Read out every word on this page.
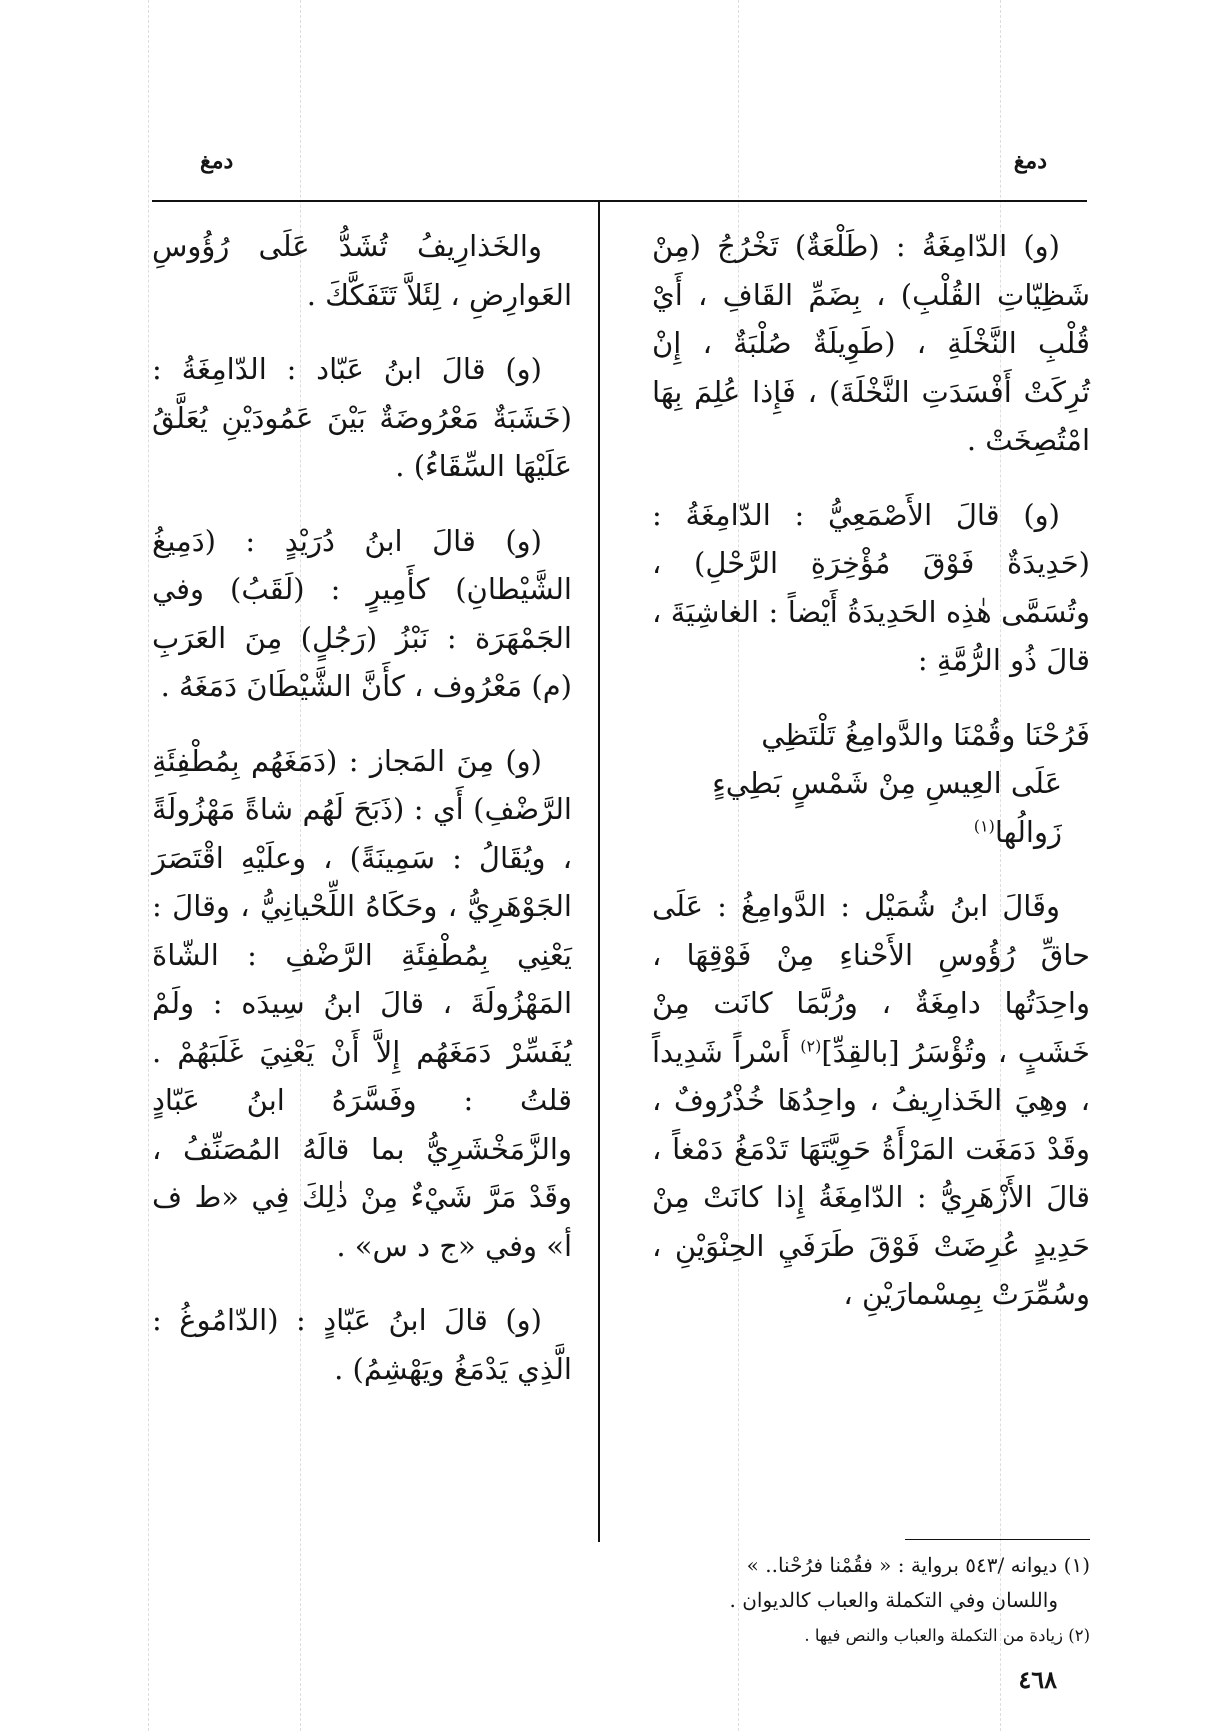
دمغ
دمغ

(و) الدّامِغَةُ : (طَلْعَةٌ) تَخْرُجُ (مِنْ شَظِيّاتِ القُلْبِ) ، بِضَمِّ القَافِ ، أَيْ قُلْبِ النَّخْلَةِ ، (طَوِيلَةٌ صُلْبَةٌ ، إِنْ تُرِكَتْ أَفْسَدَتِ النَّخْلَةَ) ، فَإِذا عُلِمَ بِهَا امْتُصِخَتْ .

(و) قالَ الأَصْمَعِيُّ : الدّامِغَةُ : (حَدِيدَةٌ فَوْقَ مُؤْخِرَةِ الرَّحْلِ) ، وتُسَمَّى هٰذِه الحَدِيدَةُ أَيْضاً : الغاشِيَةَ ، قالَ ذُو الرُّمَّةِ :

فَرُحْنَا وقُمْنَا والدَّوامِغُ تَلْتَظِي
عَلَى العِيسِ مِنْ شَمْسٍ بَطِيءٍ زَوالُها$^{(١)}$

وقَالَ ابنُ شُمَيْل : الدَّوامِغُ : عَلَى حاقِّ رُؤُوسِ الأَحْناءِ مِنْ فَوْقِهَا ، واحِدَتُها دامِغَةٌ ، ورُبَّمَا كانَت مِنْ خَشَبٍ ، وتُؤْسَرُ [بالقِدِّ]$^{(٢)}$ أَسْراً شَدِيداً ، وهِيَ الخَذارِيفُ ، واحِدُهَا خُذْرُوفٌ ، وقَدْ دَمَغَت المَرْأَةُ حَوِيَّتَهَا تَدْمَغُ دَمْغاً ، قالَ الأَزْهَرِيُّ : الدّامِغَةُ إِذا كانَتْ مِنْ حَدِيدٍ عُرِضَتْ فَوْقَ طَرَفَيِ الحِنْوَيْنِ ، وسُمِّرَتْ بِمِسْمارَيْنِ ،

والخَذارِيفُ تُشَدُّ عَلَى رُؤُوسِ العَوارِضِ ، لِئَلاَّ تَتَفَكَّكَ .

(و) قالَ ابنُ عَبّاد : الدّامِغَةُ : (خَشَبَةٌ مَعْرُوضَةٌ بَيْنَ عَمُودَيْنِ يُعَلَّقُ عَلَيْهَا السِّقَاءُ) .

(و) قالَ ابنُ دُرَيْدٍ : (دَمِيغُ الشَّيْطانِ) كأَمِيرٍ : (لَقَبُ) وفي الجَمْهَرَة : نَبْزُ (رَجُلٍ) مِنَ العَرَبِ (م) مَعْرُوف ، كأَنَّ الشَّيْطَانَ دَمَغَهُ .

(و) مِنَ المَجاز : (دَمَغَهُم بِمُطْفِئَةِ الرَّضْفِ) أَي : (ذَبَحَ لَهُم شاةً مَهْزُولَةً ، ويُقَالُ : سَمِينَةً) ، وعلَيْهِ اقْتَصَرَ الجَوْهَرِيُّ ، وحَكَاهُ اللِّحْيانِيُّ ، وقالَ : يَعْنِي بِمُطْفِئَةِ الرَّضْفِ : الشّاةَ المَهْزُولَةَ ، قالَ ابنُ سِيدَه : ولَمْ يُفَسِّرْ دَمَغَهُم إِلاَّ أَنْ يَعْنِيَ غَلَبَهُمْ . قلتُ : وفَسَّرَهُ ابنُ عَبّادٍ والزَّمَخْشَرِيُّ بما قالَهُ المُصَنِّفُ ، وقَدْ مَرَّ شَيْءٌ مِنْ ذٰلِكَ فِي «ط ف أ» وفي «ج د س» .

(و) قالَ ابنُ عَبّادٍ : (الدّامُوغُ : الَّذِي يَدْمَغُ ويَهْشِمُ) .

(١) ديوانه /٥٤٣ برواية : « فقُمْنا فرُحْنا.. »

واللسان وفي التكملة والعباب كالديوان .

(٢) زيادة من التكملة والعباب والنص فيها .

٤٦٨
